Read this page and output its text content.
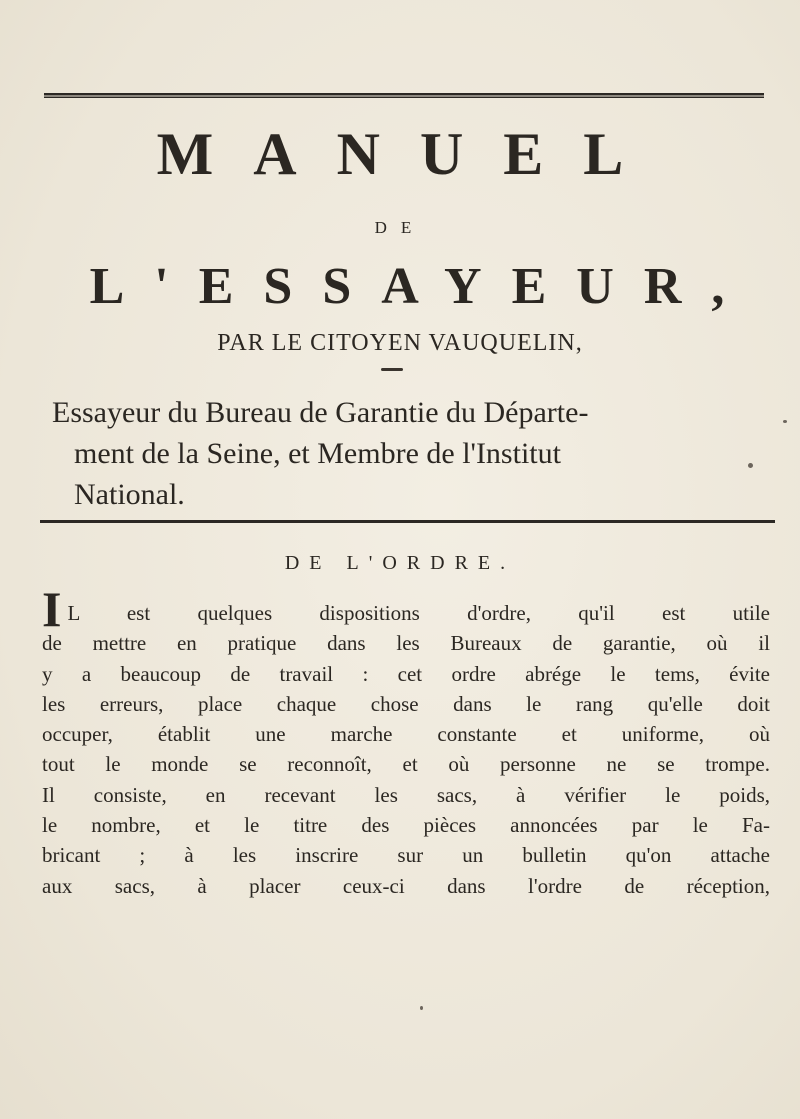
MANUEL
DE
L'ESSAYEUR,
PAR LE CITOYEN VAUQUELIN,
Essayeur du Bureau de Garantie du Départe-
ment de la Seine, et Membre de l'Institut
National.
DE L'ORDRE.
I L est quelques dispositions d'ordre, qu'il est utile
de mettre en pratique dans les Bureaux de garantie, où il
y a beaucoup de travail : cet ordre abrége le tems, évite
les erreurs, place chaque chose dans le rang qu'elle doit
occuper, établit une marche constante et uniforme, où
tout le monde se reconnoît, et où personne ne se trompe.
Il consiste, en recevant les sacs, à vérifier le poids,
le nombre, et le titre des pièces annoncées par le Fa-
bricant ; à les inscrire sur un bulletin qu'on attache
aux sacs, à placer ceux-ci dans l'ordre de réception,
